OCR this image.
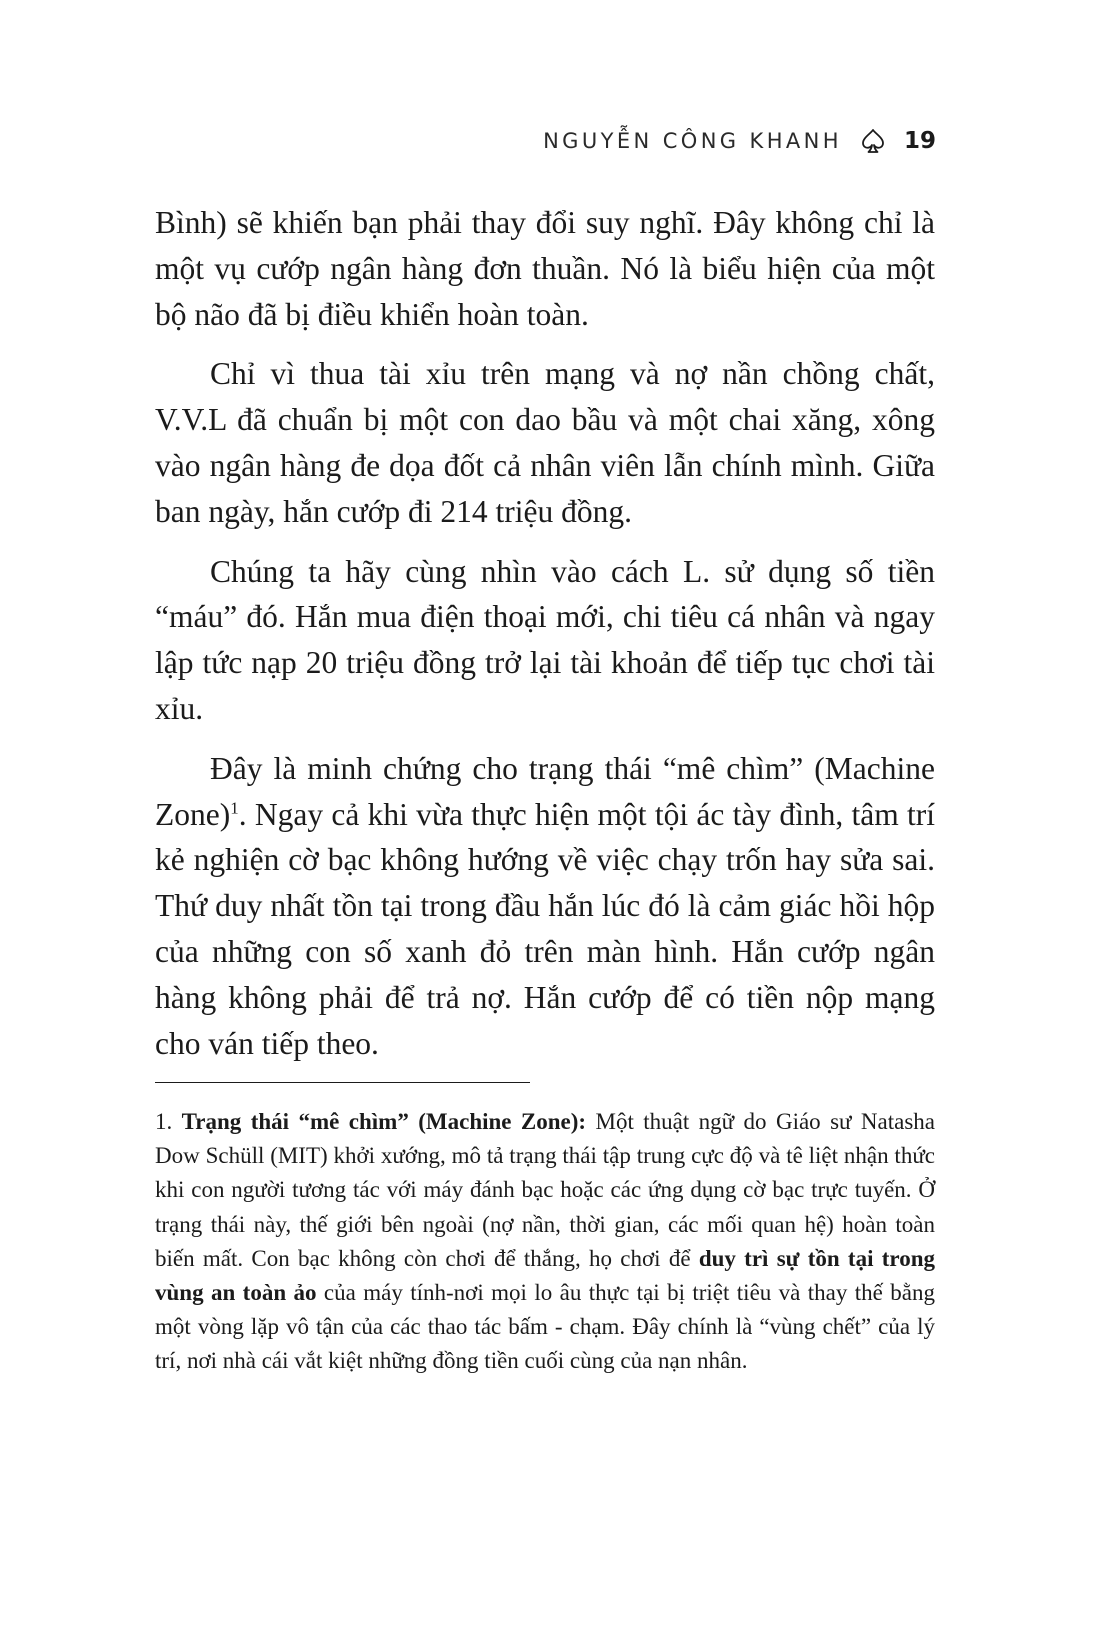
NGUYỄN CÔNG KHANH	19

Bình) sẽ khiến bạn phải thay đổi suy nghĩ. Đây không chỉ là một vụ cướp ngân hàng đơn thuần. Nó là biểu hiện của một bộ não đã bị điều khiển hoàn toàn.

Chỉ vì thua tài xỉu trên mạng và nợ nần chồng chất, V.V.L đã chuẩn bị một con dao bầu và một chai xăng, xông vào ngân hàng đe dọa đốt cả nhân viên lẫn chính mình. Giữa ban ngày, hắn cướp đi 214 triệu đồng.

Chúng ta hãy cùng nhìn vào cách L. sử dụng số tiền “máu” đó. Hắn mua điện thoại mới, chi tiêu cá nhân và ngay lập tức nạp 20 triệu đồng trở lại tài khoản để tiếp tục chơi tài xỉu.

Đây là minh chứng cho trạng thái “mê chìm” (Machine Zone)$^1$. Ngay cả khi vừa thực hiện một tội ác tày đình, tâm trí kẻ nghiện cờ bạc không hướng về việc chạy trốn hay sửa sai. Thứ duy nhất tồn tại trong đầu hắn lúc đó là cảm giác hồi hộp của những con số xanh đỏ trên màn hình. Hắn cướp ngân hàng không phải để trả nợ. Hắn cướp để có tiền nộp mạng cho ván tiếp theo.

1. Trạng thái “mê chìm” (Machine Zone): Một thuật ngữ do Giáo sư Natasha Dow Schüll (MIT) khởi xướng, mô tả trạng thái tập trung cực độ và tê liệt nhận thức khi con người tương tác với máy đánh bạc hoặc các ứng dụng cờ bạc trực tuyến. Ở trạng thái này, thế giới bên ngoài (nợ nần, thời gian, các mối quan hệ) hoàn toàn biến mất. Con bạc không còn chơi để thắng, họ chơi để duy trì sự tồn tại trong vùng an toàn ảo của máy tính-nơi mọi lo âu thực tại bị triệt tiêu và thay thế bằng một vòng lặp vô tận của các thao tác bấm - chạm. Đây chính là “vùng chết” của lý trí, nơi nhà cái vắt kiệt những đồng tiền cuối cùng của nạn nhân.
